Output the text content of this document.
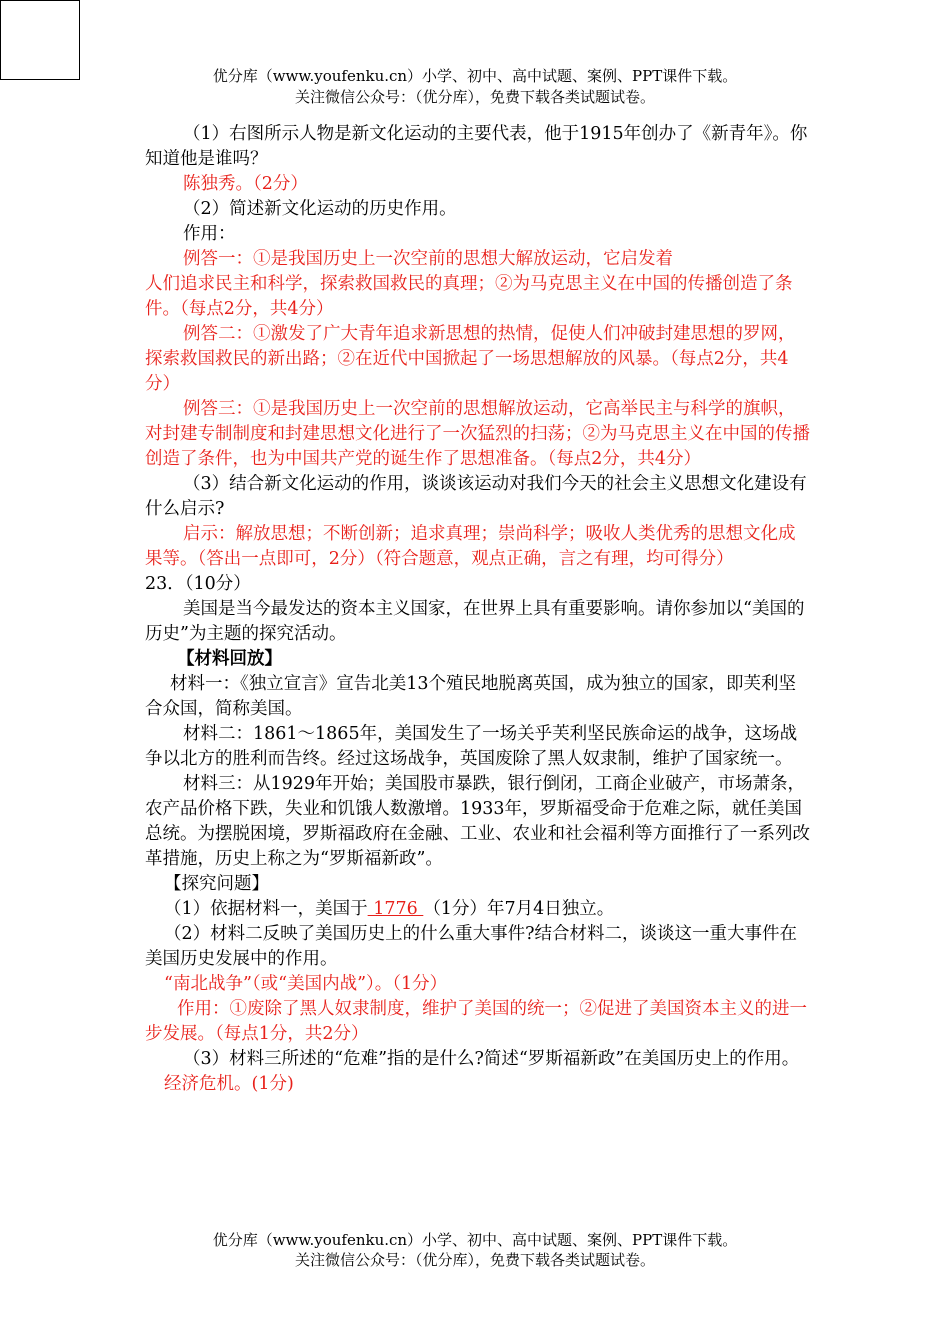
优分库（www.youfenku.cn）小学、初中、高中试题、案例、PPT课件下载。
关注微信公众号：（优分库），免费下载各类试题试卷。

（1）右图所示人物是新文化运动的主要代表，他于1915年创办了《新青年》。你知道他是谁吗？

陈独秀。（2分）

（2）简述新文化运动的历史作用。

作用：

例答一：①是我国历史上一次空前的思想大解放运动，它启发着

人们追求民主和科学，探索救国救民的真理；②为马克思主义在中国的传播创造了条件。（每点2分，共4分）

例答二：①激发了广大青年追求新思想的热情，促使人们冲破封建思想的罗网，探索救国救民的新出路；②在近代中国掀起了一场思想解放的风暴。（每点2分，共4分）

例答三：①是我国历史上一次空前的思想解放运动，它高举民主与科学的旗帜，对封建专制制度和封建思想文化进行了一次猛烈的扫荡；②为马克思主义在中国的传播创造了条件，也为中国共产党的诞生作了思想准备。（每点2分，共4分）

（3）结合新文化运动的作用，谈谈该运动对我们今天的社会主义思想文化建设有什么启示?

启示：解放思想；不断创新；追求真理；崇尚科学；吸收人类优秀的思想文化成果等。（答出一点即可，2分）（符合题意，观点正确，言之有理，均可得分）

23．（10分）

美国是当今最发达的资本主义国家，在世界上具有重要影响。请你参加以“美国的历史”为主题的探究活动。

【材料回放】

材料一：《独立宣言》宣告北美13个殖民地脱离英国，成为独立的国家，即芙利坚合众国，简称美国。

材料二：1861～1865年，美国发生了一场关乎芙利坚民族命运的战争，这场战争以北方的胜利而告终。经过这场战争，英国废除了黑人奴隶制，维护了国家统一。

材料三：从1929年开始；美国股市暴跌，银行倒闭，工商企业破产，市场萧条，农产品价格下跌，失业和饥饿人数激增。1933年，罗斯福受命于危难之际，就任美国总统。为摆脱困境，罗斯福政府在金融、工业、农业和社会福利等方面推行了一系列改革措施，历史上称之为“罗斯福新政”。

【探究问题】

（1）依据材料一，美国于 1776 （1分）年7月4日独立。

（2）材料二反映了美国历史上的什么重大事件?结合材料二，谈谈这一重大事件在美国历史发展中的作用。

“南北战争”（或“美国内战”）。（1分）

作用：①废除了黑人奴隶制度，维护了美国的统一；②促进了美国资本主义的进一步发展。（每点1分，共2分）

（3）材料三所述的“危难”指的是什么?简述“罗斯福新政”在美国历史上的作用。

经济危机。(1分)

优分库（www.youfenku.cn）小学、初中、高中试题、案例、PPT课件下载。
关注微信公众号：（优分库），免费下载各类试题试卷。
